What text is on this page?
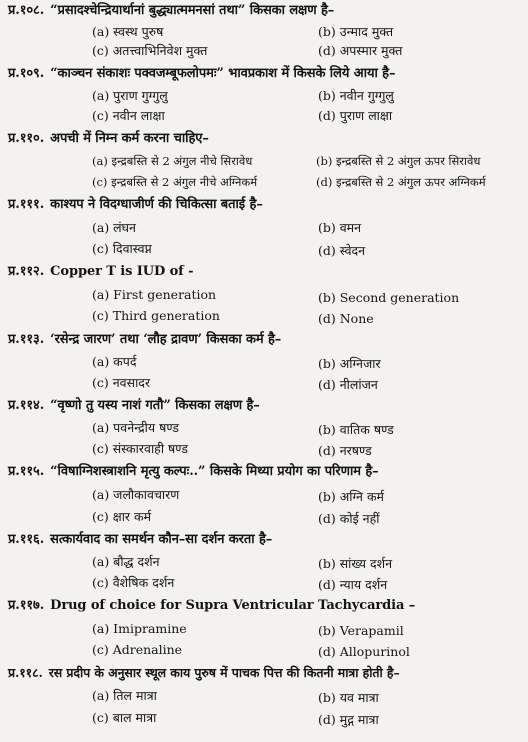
प्र.१०८. “प्रसादश्चेन्द्रियार्थानां बुद्ध्यात्ममनसां तथा” किसका लक्षण है–
(a) स्वस्थ पुरुष	(b) उन्माद मुक्त
(c) अतत्त्वाभिनिवेश मुक्त	(d) अपस्मार मुक्त
प्र.१०९. “काञ्चन संकाशः पक्वजम्बूफलोपमः” भावप्रकाश में किसके लिये आया है–
(a) पुराण गुग्गुलु	(b) नवीन गुग्गुलु
(c) नवीन लाक्षा	(d) पुराण लाक्षा
प्र.११०. अपची में निम्न कर्म करना चाहिए–
(a) इन्द्रबस्ति से 2 अंगुल नीचे सिरावेध	(b) इन्द्रबस्ति से 2 अंगुल ऊपर सिरावेध
(c) इन्द्रबस्ति से 2 अंगुल नीचे अग्निकर्म	(d) इन्द्रबस्ति से 2 अंगुल ऊपर अग्निकर्म
प्र.१११. काश्यप ने विदग्धाजीर्ण की चिकित्सा बताई है–
(a) लंघन	(b) वमन
(c) दिवास्वप्न	(d) स्वेदन
प्र.११२. Copper T is IUD of -
(a) First generation	(b) Second generation
(c) Third generation	(d) None
प्र.११३. ‘रसेन्द्र जारण’ तथा ‘लौह द्रावण’ किसका कर्म है–
(a) कपर्द	(b) अग्निजार
(c) नवसादर	(d) नीलांजन
प्र.११४. “वृष्णो तु यस्य नाशं गतौ” किसका लक्षण है–
(a) पवनेन्द्रीय षण्ड	(b) वातिक षण्ड
(c) संस्कारवाही षण्ड	(d) नरषण्ड
प्र.११५. “विषाग्निशस्त्राशनि मृत्यु कल्पः..” किसके मिथ्या प्रयोग का परिणाम है–
(a) जलौकावचारण	(b) अग्नि कर्म
(c) क्षार कर्म	(d) कोई नहीं
प्र.११६. सत्कार्यवाद का समर्थन कौन–सा दर्शन करता है–
(a) बौद्ध दर्शन	(b) सांख्य दर्शन
(c) वैशेषिक दर्शन	(d) न्याय दर्शन
प्र.११७. Drug of choice for Supra Ventricular Tachycardia –
(a) Imipramine	(b) Verapamil
(c) Adrenaline	(d) Allopurinol
प्र.११८. रस प्रदीप के अनुसार स्थूल काय पुरुष में पाचक पित्त की कितनी मात्रा होती है–
(a) तिल मात्रा	(b) यव मात्रा
(c) बाल मात्रा	(d) मुद्ग मात्रा
